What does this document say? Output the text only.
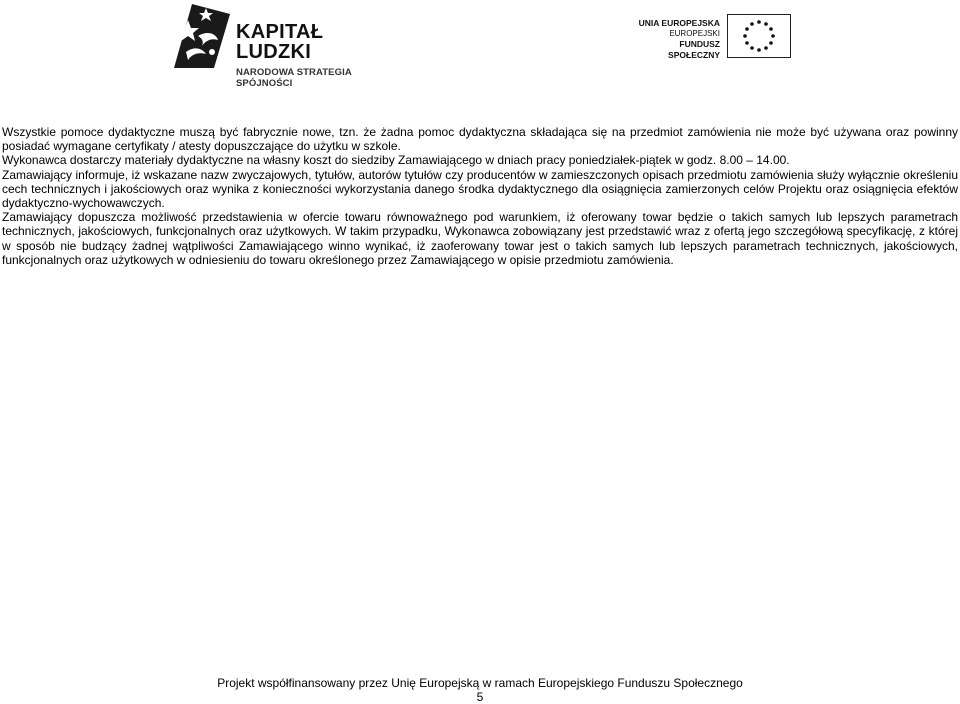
KAPITAŁ LUDZKI
NARODOWA STRATEGIA SPÓJNOŚCI
UNIA EUROPEJSKA
EUROPEJSKI
FUNDUSZ SPOŁECZNY

Wszystkie pomoce dydaktyczne muszą być fabrycznie nowe, tzn. że żadna pomoc dydaktyczna składająca się na przedmiot zamówienia nie może być używana oraz powinny posiadać wymagane certyfikaty / atesty dopuszczające do użytku w szkole.

Wykonawca dostarczy materiały dydaktyczne na własny koszt do siedziby Zamawiającego w dniach pracy poniedziałek-piątek w godz. 8.00 – 14.00.

Zamawiający informuje, iż wskazane nazw zwyczajowych, tytułów, autorów tytułów czy producentów w zamieszczonych opisach przedmiotu zamówienia służy wyłącznie określeniu cech technicznych i jakościowych oraz wynika z konieczności wykorzystania danego środka dydaktycznego dla osiągnięcia zamierzonych celów Projektu oraz osiągnięcia efektów dydaktyczno-wychowawczych.

Zamawiający dopuszcza możliwość przedstawienia w ofercie towaru równoważnego pod warunkiem, iż oferowany towar będzie o takich samych lub lepszych parametrach technicznych, jakościowych, funkcjonalnych oraz użytkowych. W takim przypadku, Wykonawca zobowiązany jest przedstawić wraz z ofertą jego szczegółową specyfikację, z której w sposób nie budzący żadnej wątpliwości Zamawiającego winno wynikać, iż zaoferowany towar jest o takich samych lub lepszych parametrach technicznych, jakościowych, funkcjonalnych oraz użytkowych w odniesieniu do towaru określonego przez Zamawiającego w opisie przedmiotu zamówienia.

Projekt współfinansowany przez Unię Europejską w ramach Europejskiego Funduszu Społecznego
5
